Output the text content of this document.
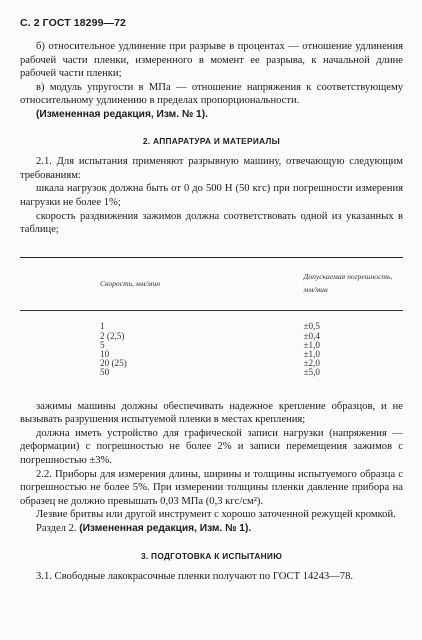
С. 2 ГОСТ 18299—72

б) относительное удлинение при разрыве в процентах — отношение удлинения рабочей части пленки, измеренного в момент ее разрыва, к начальной длине рабочей части пленки;

в) модуль упругости в МПа — отношение напряжения к соответствующему относительному удлинению в пределах пропорциональности.

(Измененная редакция, Изм. № 1).

2. АППАРАТУРА И МАТЕРИАЛЫ

2.1. Для испытания применяют разрывную машину, отвечающую следующим требованиям:

шкала нагрузок должна быть от 0 до 500 Н (50 кгс) при погрешности измерения нагрузки не более 1%;

скорость раздвижения зажимов должна соответствовать одной из указанных в таблице;

Скорость, мм/мин	Допускаемая погрешность, мм/мин

1	±0,5
2 (2,5)	±0,4
5	±1,0
10	±1,0
20 (25)	±2,0
50	±5,0

зажимы машины должны обеспечивать надежное крепление образцов, и не вызывать разрушения испытуемой пленки в местах крепления;

должна иметь устройство для графической записи нагрузки (напряжения — деформации) с погрешностью не более 2% и записи перемещения зажимов с погрешностью ±3%.

2.2. Приборы для измерения длины, ширины и толщины испытуемого образца с погрешностью не более 5%. При измерении толщины пленки давление прибора на образец не должно превышать 0,03 МПа (0,3 кгс/см²).

Лезвие бритвы или другой инструмент с хорошо заточенной режущей кромкой.

Раздел 2. (Измененная редакция, Изм. № 1).

3. ПОДГОТОВКА К ИСПЫТАНИЮ

3.1. Свободные лакокрасочные пленки получают по ГОСТ 14243—78.
